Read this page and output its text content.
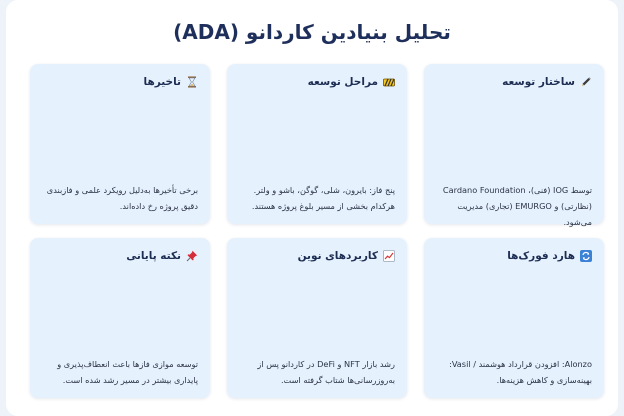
تحلیل بنیادین کاردانو (ADA)
ساختار توسعه
توسط IOG (فنی)، Cardano Foundation (نظارتی) و EMURGO (تجاری) مدیریت می‌شود.
مراحل توسعه
پنج فاز: بایرون، شلی، گوگن، باشو و ولتر. هرکدام بخشی از مسیر بلوغ پروژه هستند.
تاخیرها
برخی تأخیرها به‌دلیل رویکرد علمی و فازبندی دقیق پروژه رخ داده‌اند.
هارد فورک‌ها
Alonzo: افزودن قرارداد هوشمند / Vasil: بهینه‌سازی و کاهش هزینه‌ها.
کاربردهای نوین
رشد بازار NFT و DeFi در کاردانو پس از به‌روزرسانی‌ها شتاب گرفته است.
نکته پایانی
توسعه موازی فازها باعث انعطاف‌پذیری و پایداری بیشتر در مسیر رشد شده است.
